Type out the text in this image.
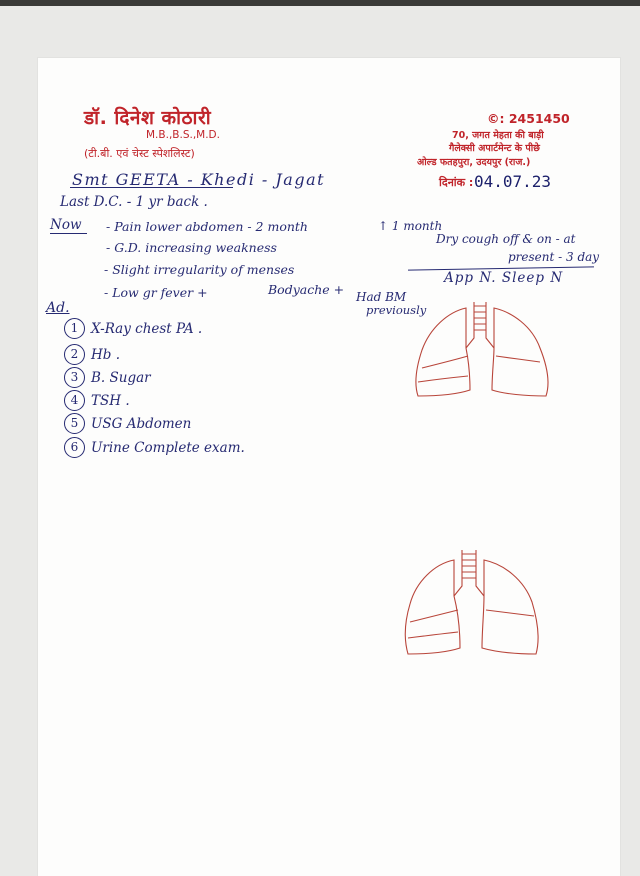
डॉ. दिनेश कोठारी
M.B.,B.S.,M.D.
(टी.बी. एवं चेस्ट स्पेशलिस्ट)
©: 2451450
70, जगत मेहता की बाड़ी
गैलेक्सी अपार्टमेन्ट के पीछे
ओल्ड फतहपुरा, उदयपुर (राज.)
दिनांक : 04.07.23
Smt GEETA - Khedi - Jagat
Last D.C. - 1 yr back .
Now - Pain lower abdomen - 2 month	↑ 1 month
- G.D. increasing weakness
- Slight irregularity of menses
- Low gr fever +	Bodyache +
Dry cough off & on - at
present - 3 day
App N. Sleep N
Had BM
previously
Ad.
1 X-Ray chest PA .
2 Hb .
3 B. Sugar
4 TSH .
5 USG Abdomen
6 Urine Complete exam.
